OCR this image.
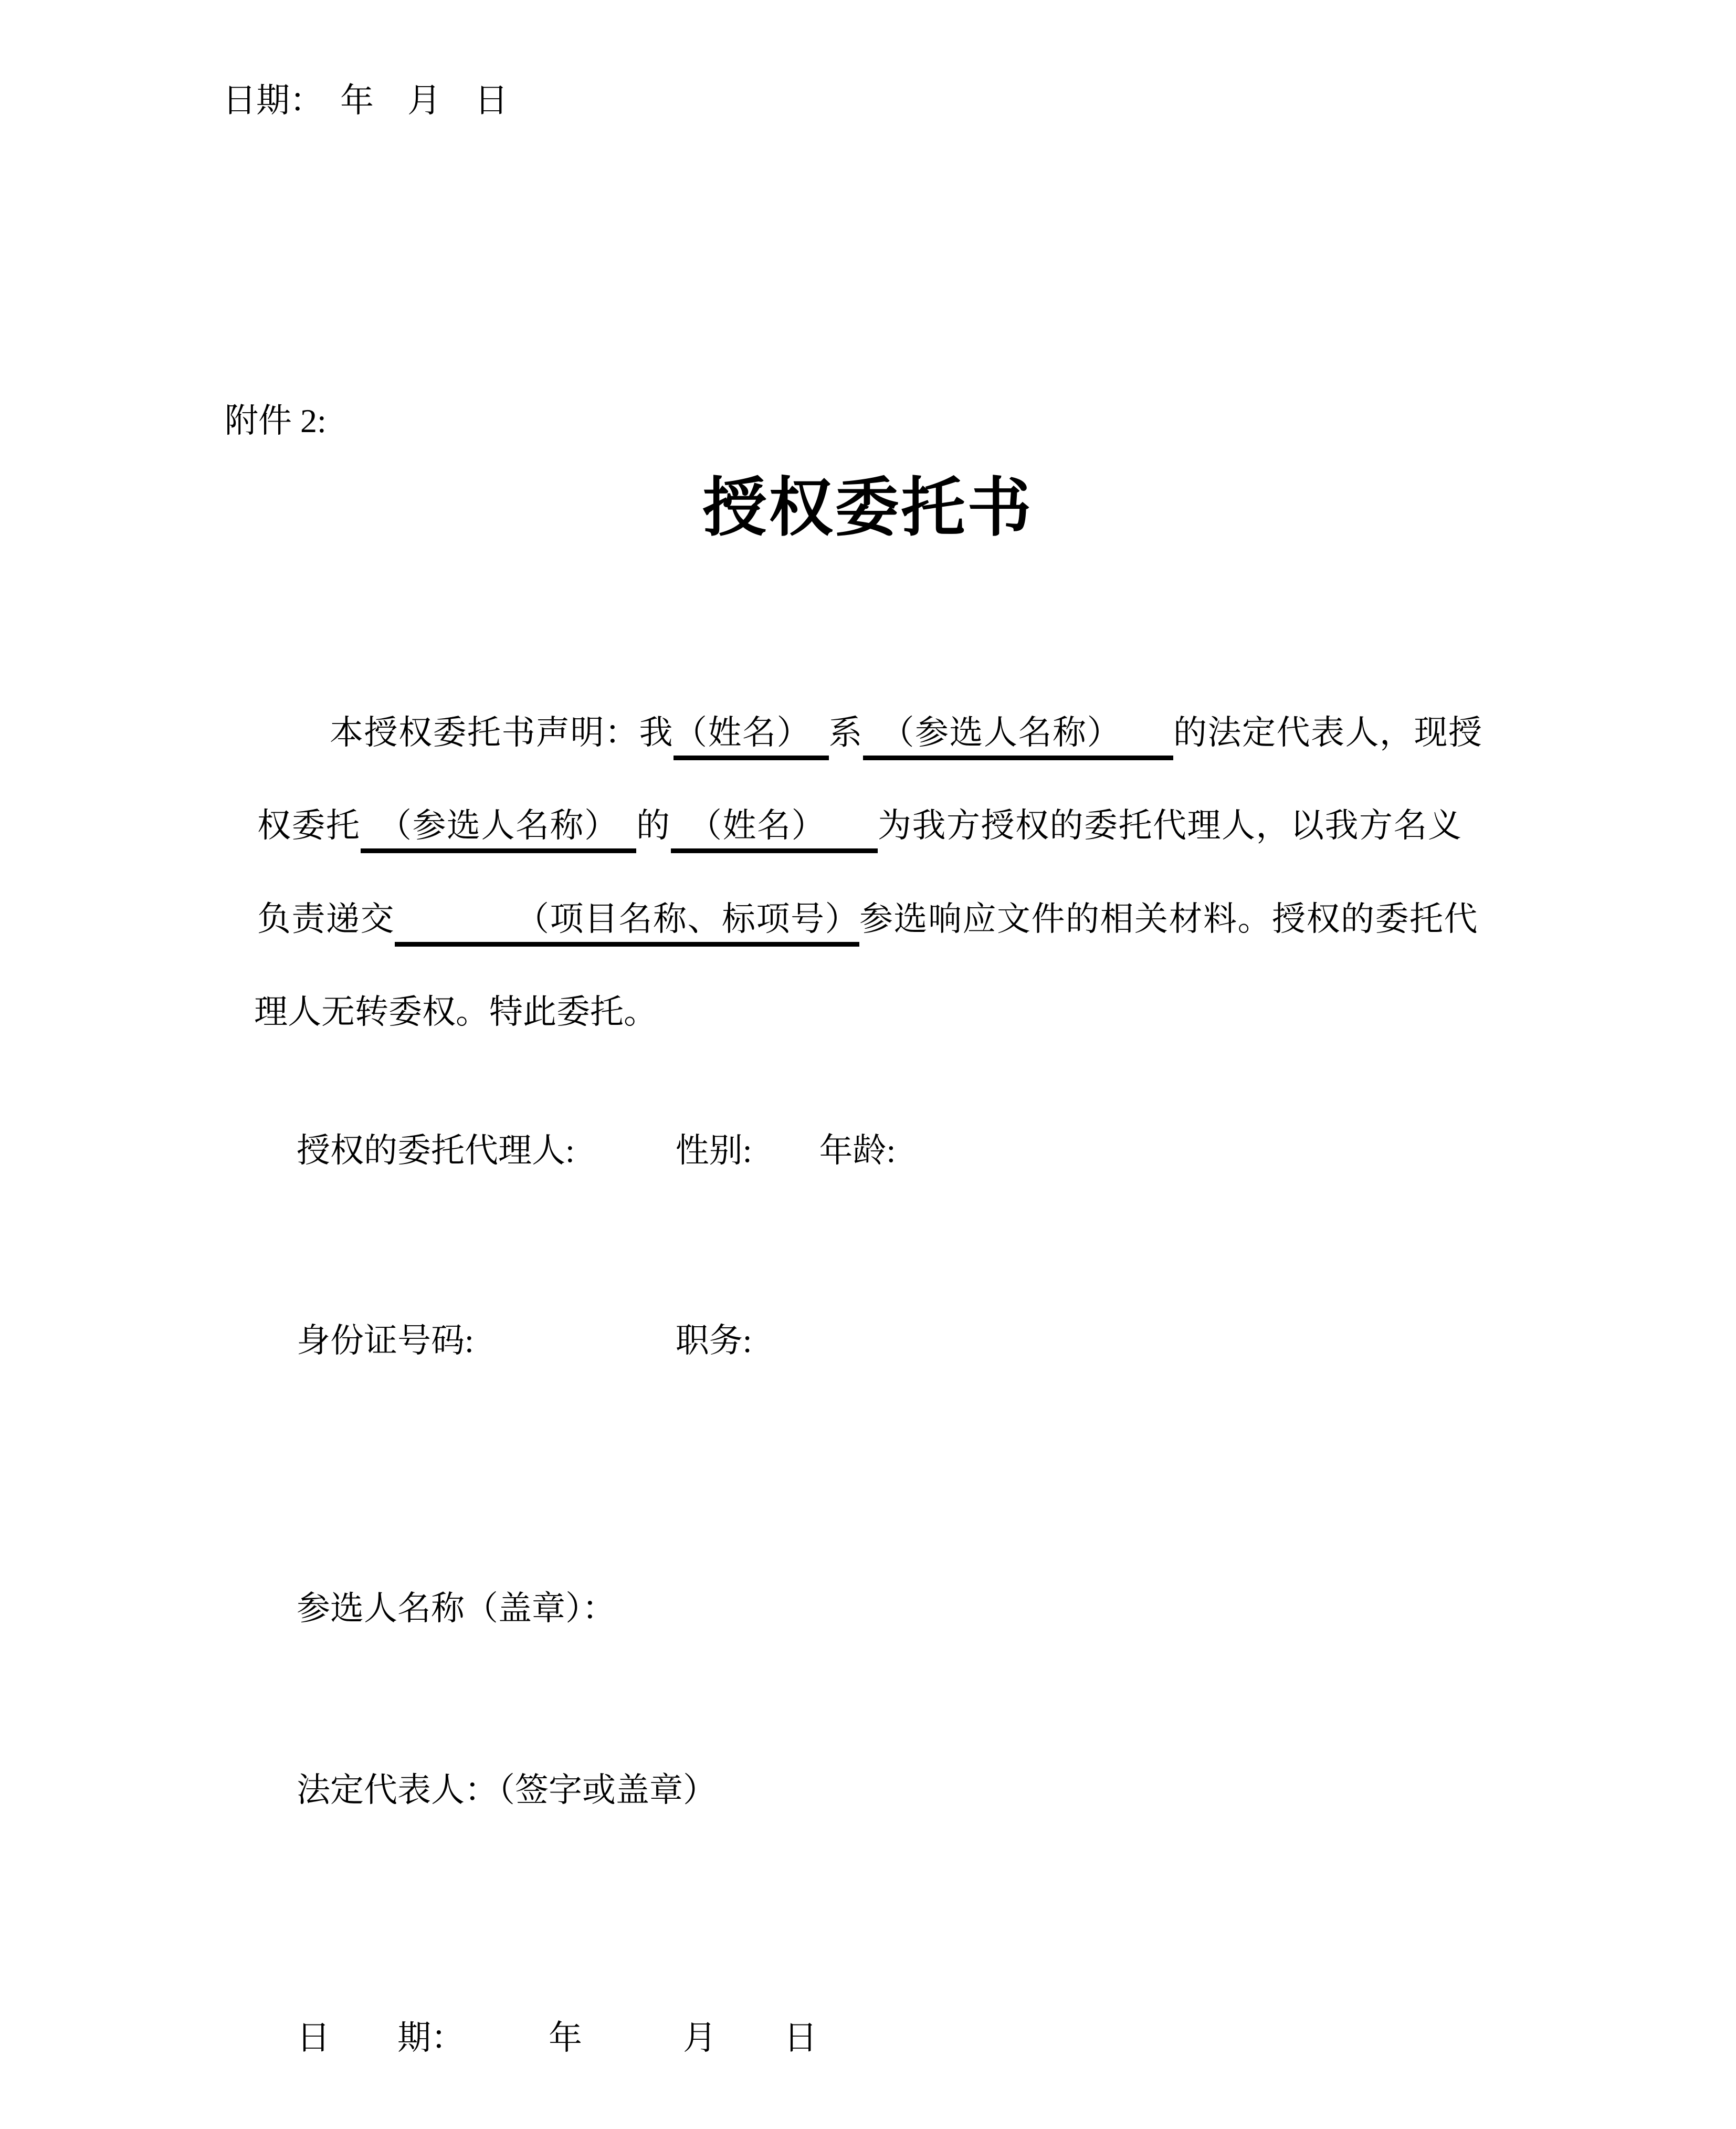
日期：　年　月　日
附件 2:
授权委托书

本授权委托书声明：我（姓名）　系　（参选人名称）　　的法定代表人，现授

权委托　（参选人名称）　的　（姓名）　　为我方授权的委托代理人，以我方名义

负责递交　　　　（项目名称、标项号）参选响应文件的相关材料。授权的委托代

理人无转委权。特此委托。

授权的委托代理人:　　　性别:　　年龄:
身份证号码:　　　　　　职务:
参选人名称（盖章）：
法定代表人：（签字或盖章）
日　　期：　　　年　　　月　　日
